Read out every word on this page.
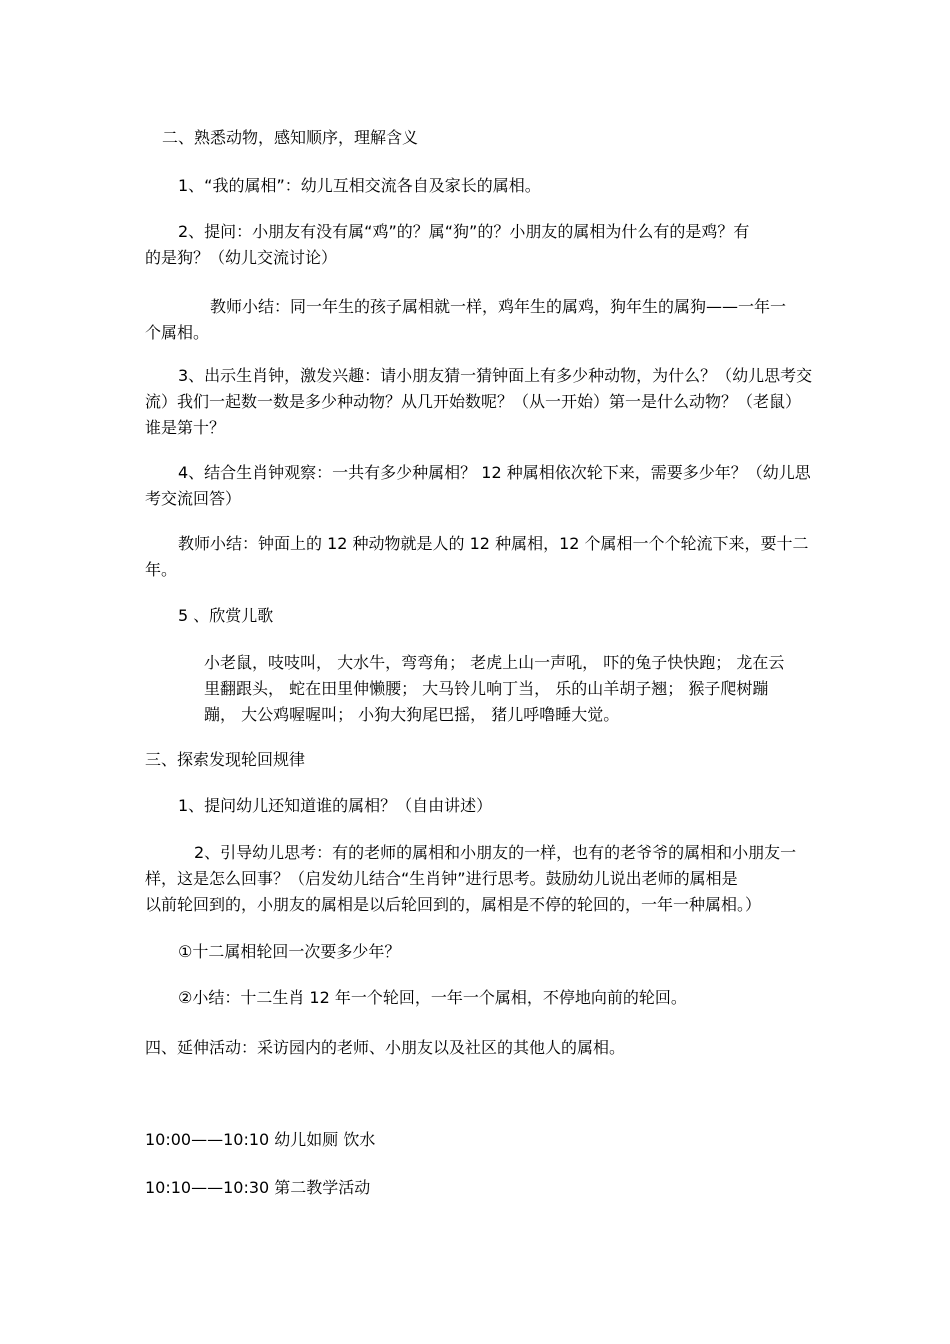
二、熟悉动物，感知顺序，理解含义

1、“我的属相”：幼儿互相交流各自及家长的属相。

2、提问：小朋友有没有属“鸡”的？属“狗”的？小朋友的属相为什么有的是鸡？有
的是狗？（幼儿交流讨论）
教师小结：同一年生的孩子属相就一样，鸡年生的属鸡，狗年生的属狗——一年一
个属相。
3、出示生肖钟，激发兴趣：请小朋友猜一猜钟面上有多少种动物，为什么？（幼儿思考交
流）我们一起数一数是多少种动物？从几开始数呢？（从一开始）第一是什么动物？（老鼠）
谁是第十？
4、结合生肖钟观察：一共有多少种属相？ 12 种属相依次轮下来，需要多少年？（幼儿思
考交流回答）
教师小结：钟面上的 12 种动物就是人的 12 种属相，12 个属相一个个轮流下来，要十二
年。

5 、欣赏儿歌

小老鼠，吱吱叫， 大水牛，弯弯角； 老虎上山一声吼， 吓的兔子快快跑； 龙在云
里翻跟头， 蛇在田里伸懒腰； 大马铃儿响丁当， 乐的山羊胡子翘； 猴子爬树蹦
蹦， 大公鸡喔喔叫； 小狗大狗尾巴摇， 猪儿呼噜睡大觉。

三、探索发现轮回规律

1、提问幼儿还知道谁的属相？（自由讲述）

2、引导幼儿思考：有的老师的属相和小朋友的一样，也有的老爷爷的属相和小朋友一
样，这是怎么回事？（启发幼儿结合“生肖钟”进行思考。鼓励幼儿说出老师的属相是
以前轮回到的，小朋友的属相是以后轮回到的，属相是不停的轮回的，一年一种属相。）

①十二属相轮回一次要多少年？

②小结：十二生肖 12 年一个轮回，一年一个属相，不停地向前的轮回。

四、延伸活动：采访园内的老师、小朋友以及社区的其他人的属相。

10:00——10:10 幼儿如厕 饮水

10:10——10:30 第二教学活动
